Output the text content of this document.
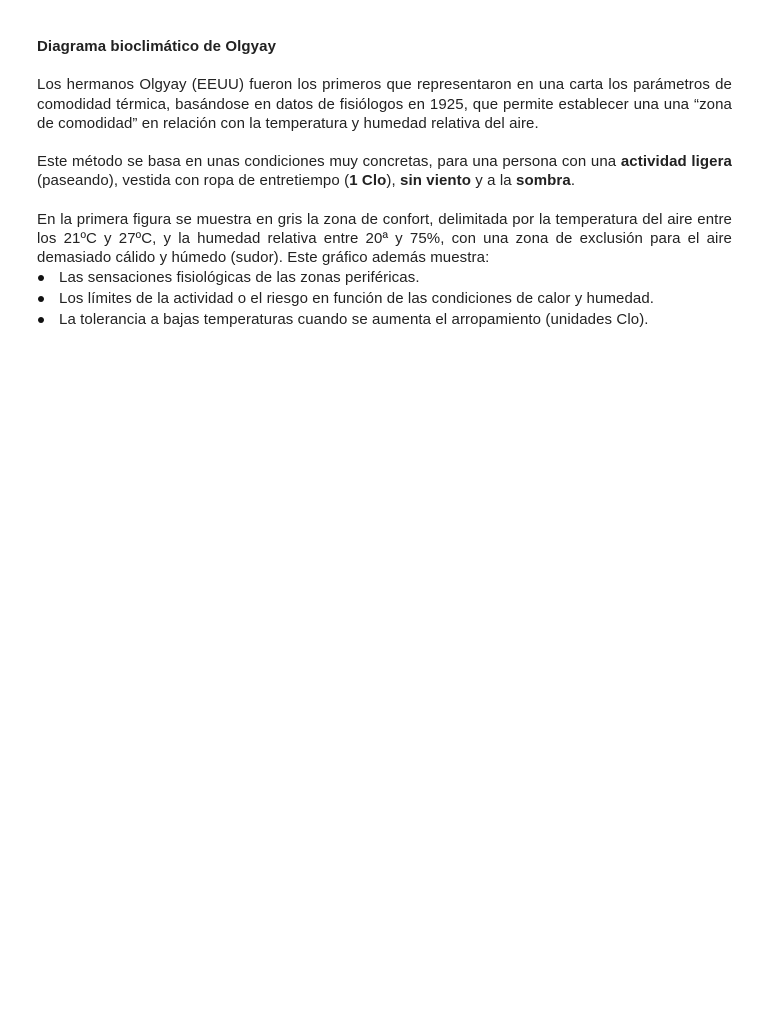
Diagrama bioclimático de Olgyay

Los hermanos Olgyay (EEUU) fueron los primeros que representaron en una carta los parámetros de comodidad térmica, basándose en datos de fisiólogos en 1925, que permite establecer una una “zona de comodidad” en relación con la temperatura y humedad relativa del aire.

Este método se basa en unas condiciones muy concretas, para una persona con una actividad ligera (paseando), vestida con ropa de entretiempo (1 Clo), sin viento y a la sombra.

En la primera figura se muestra en gris la zona de confort, delimitada por la temperatura del aire entre los 21ºC y 27ºC, y la humedad relativa entre 20ª y 75%, con una zona de exclusión para el aire demasiado cálido y húmedo (sudor). Este gráfico además muestra:

Las sensaciones fisiológicas de las zonas periféricas.
Los límites de la actividad o el riesgo en función de las condiciones de calor y humedad.
La tolerancia a bajas temperaturas cuando se aumenta el arropamiento (unidades Clo).
